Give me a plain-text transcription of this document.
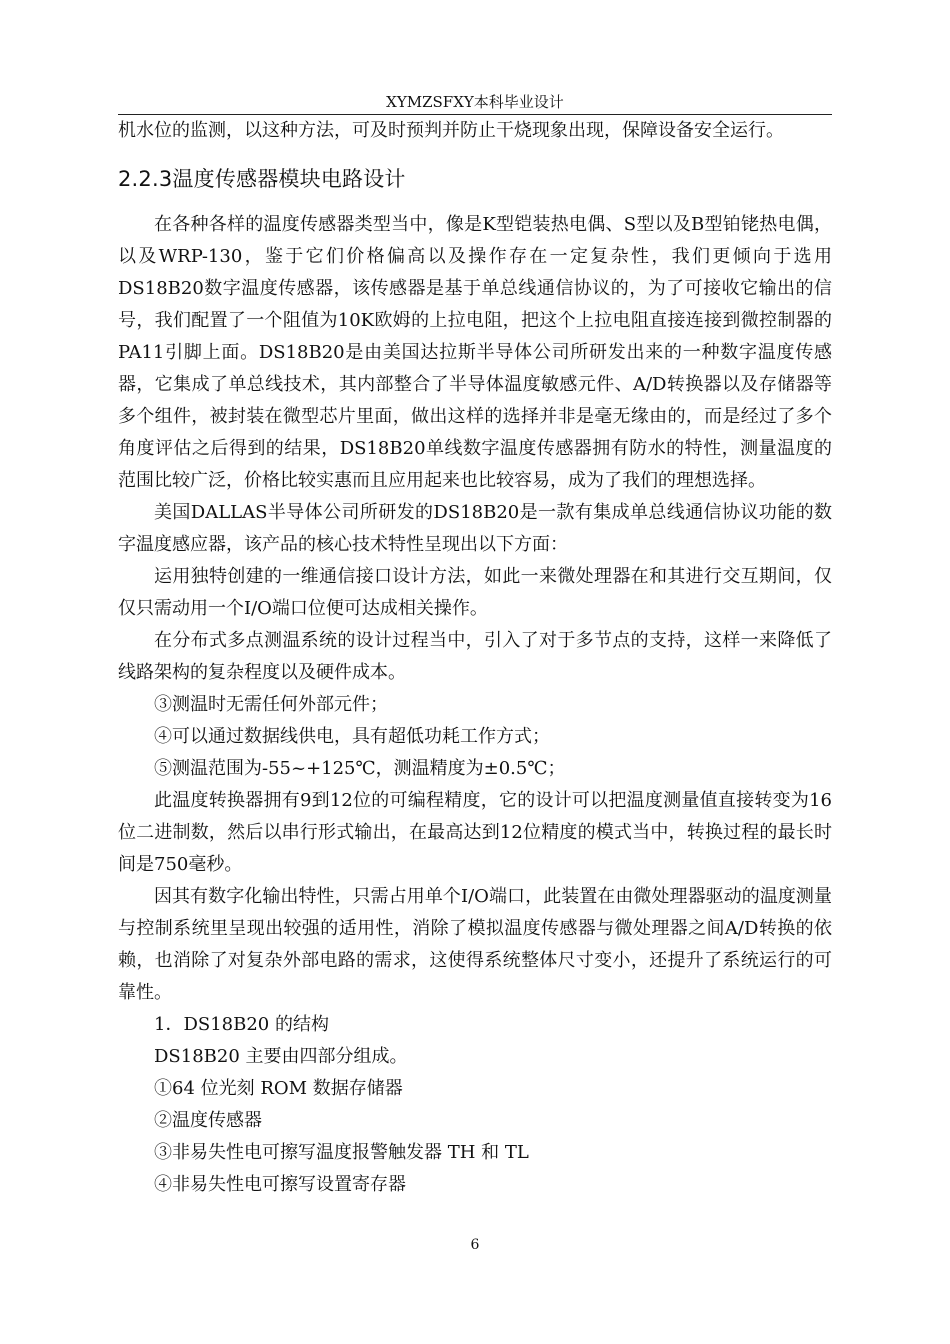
XYMZSFXY本科毕业设计

机水位的监测，以这种方法，可及时预判并防止干烧现象出现，保障设备安全运行。

2.2.3温度传感器模块电路设计

在各种各样的温度传感器类型当中，像是K型铠装热电偶、S型以及B型铂铑热电偶，以及WRP-130，鉴于它们价格偏高以及操作存在一定复杂性，我们更倾向于选用DS18B20数字温度传感器，该传感器是基于单总线通信协议的，为了可接收它输出的信号，我们配置了一个阻值为10K欧姆的上拉电阻，把这个上拉电阻直接连接到微控制器的PA11引脚上面。DS18B20是由美国达拉斯半导体公司所研发出来的一种数字温度传感器，它集成了单总线技术，其内部整合了半导体温度敏感元件、A/D转换器以及存储器等多个组件，被封装在微型芯片里面，做出这样的选择并非是毫无缘由的，而是经过了多个角度评估之后得到的结果，DS18B20单线数字温度传感器拥有防水的特性，测量温度的范围比较广泛，价格比较实惠而且应用起来也比较容易，成为了我们的理想选择。

美国DALLAS半导体公司所研发的DS18B20是一款有集成单总线通信协议功能的数字温度感应器，该产品的核心技术特性呈现出以下方面：

运用独特创建的一维通信接口设计方法，如此一来微处理器在和其进行交互期间，仅仅只需动用一个I/O端口位便可达成相关操作。

在分布式多点测温系统的设计过程当中，引入了对于多节点的支持，这样一来降低了线路架构的复杂程度以及硬件成本。

③测温时无需任何外部元件；

④可以通过数据线供电，具有超低功耗工作方式；

⑤测温范围为-55~+125℃，测温精度为±0.5℃；

此温度转换器拥有9到12位的可编程精度，它的设计可以把温度测量值直接转变为16位二进制数，然后以串行形式输出，在最高达到12位精度的模式当中，转换过程的最长时间是750毫秒。

因其有数字化输出特性，只需占用单个I/O端口，此装置在由微处理器驱动的温度测量与控制系统里呈现出较强的适用性，消除了模拟温度传感器与微处理器之间A/D转换的依赖，也消除了对复杂外部电路的需求，这使得系统整体尺寸变小，还提升了系统运行的可靠性。

1．DS18B20 的结构

DS18B20 主要由四部分组成。

①64 位光刻 ROM 数据存储器

②温度传感器

③非易失性电可擦写温度报警触发器 TH 和 TL

④非易失性电可擦写设置寄存器

6
